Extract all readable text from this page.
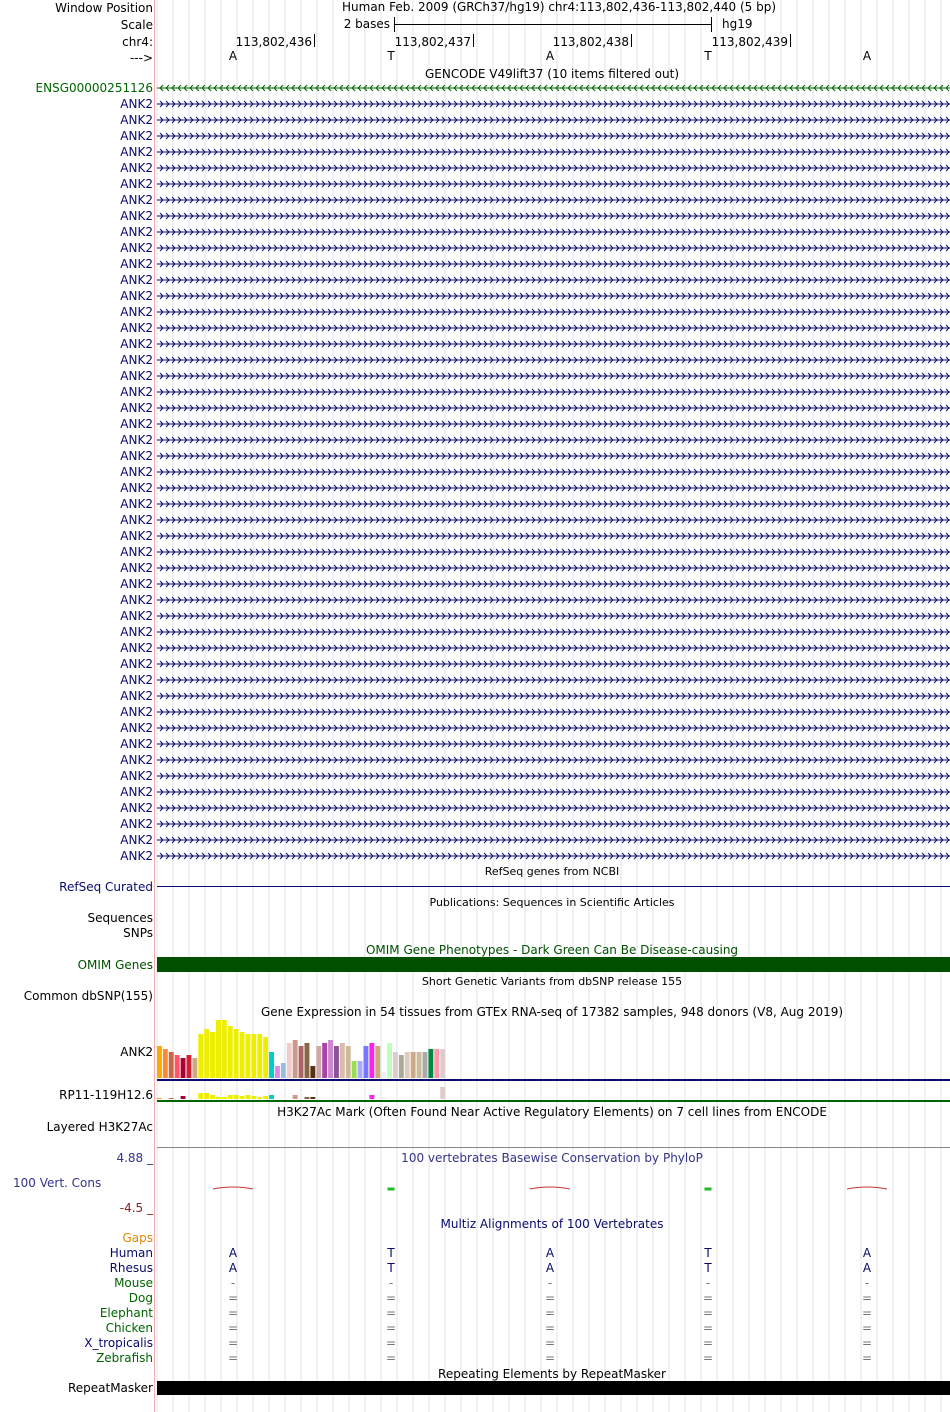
Window Position	Human Feb. 2009 (GRCh37/hg19) chr4:113,802,436-113,802,440 (5 bp)
Scale	2 bases	hg19
chr4:	113,802,436	113,802,437	113,802,438	113,802,439
--->	A	T	A	T	A
GENCODE V49lift37 (10 items filtered out)
ENSG00000251126
ANK2
ANK2
ANK2
ANK2
ANK2
ANK2
ANK2
ANK2
ANK2
ANK2
ANK2
ANK2
ANK2
ANK2
ANK2
ANK2
ANK2
ANK2
ANK2
ANK2
ANK2
ANK2
ANK2
ANK2
ANK2
ANK2
ANK2
ANK2
ANK2
ANK2
ANK2
ANK2
ANK2
ANK2
ANK2
ANK2
ANK2
ANK2
ANK2
ANK2
ANK2
ANK2
ANK2
ANK2
ANK2
ANK2
ANK2
ANK2
RefSeq genes from NCBI
RefSeq Curated
Publications: Sequences in Scientific Articles
Sequences
SNPs
OMIM Gene Phenotypes - Dark Green Can Be Disease-causing
OMIM Genes
Short Genetic Variants from dbSNP release 155
Common dbSNP(155)
Gene Expression in 54 tissues from GTEx RNA-seq of 17382 samples, 948 donors (V8, Aug 2019)
ANK2
RP11-119H12.6
H3K27Ac Mark (Often Found Near Active Regulatory Elements) on 7 cell lines from ENCODE
Layered H3K27Ac
100 vertebrates Basewise Conservation by PhyloP
4.88 _
100 Vert. Cons
-4.5 _
Multiz Alignments of 100 Vertebrates
Gaps
Human	A	T	A	T	A
Rhesus	A	T	A	T	A
Mouse	-	-	-	-	-
Dog	=	=	=	=	=
Elephant	=	=	=	=	=
Chicken	=	=	=	=	=
X_tropicalis	=	=	=	=	=
Zebrafish	=	=	=	=	=
Repeating Elements by RepeatMasker
RepeatMasker
